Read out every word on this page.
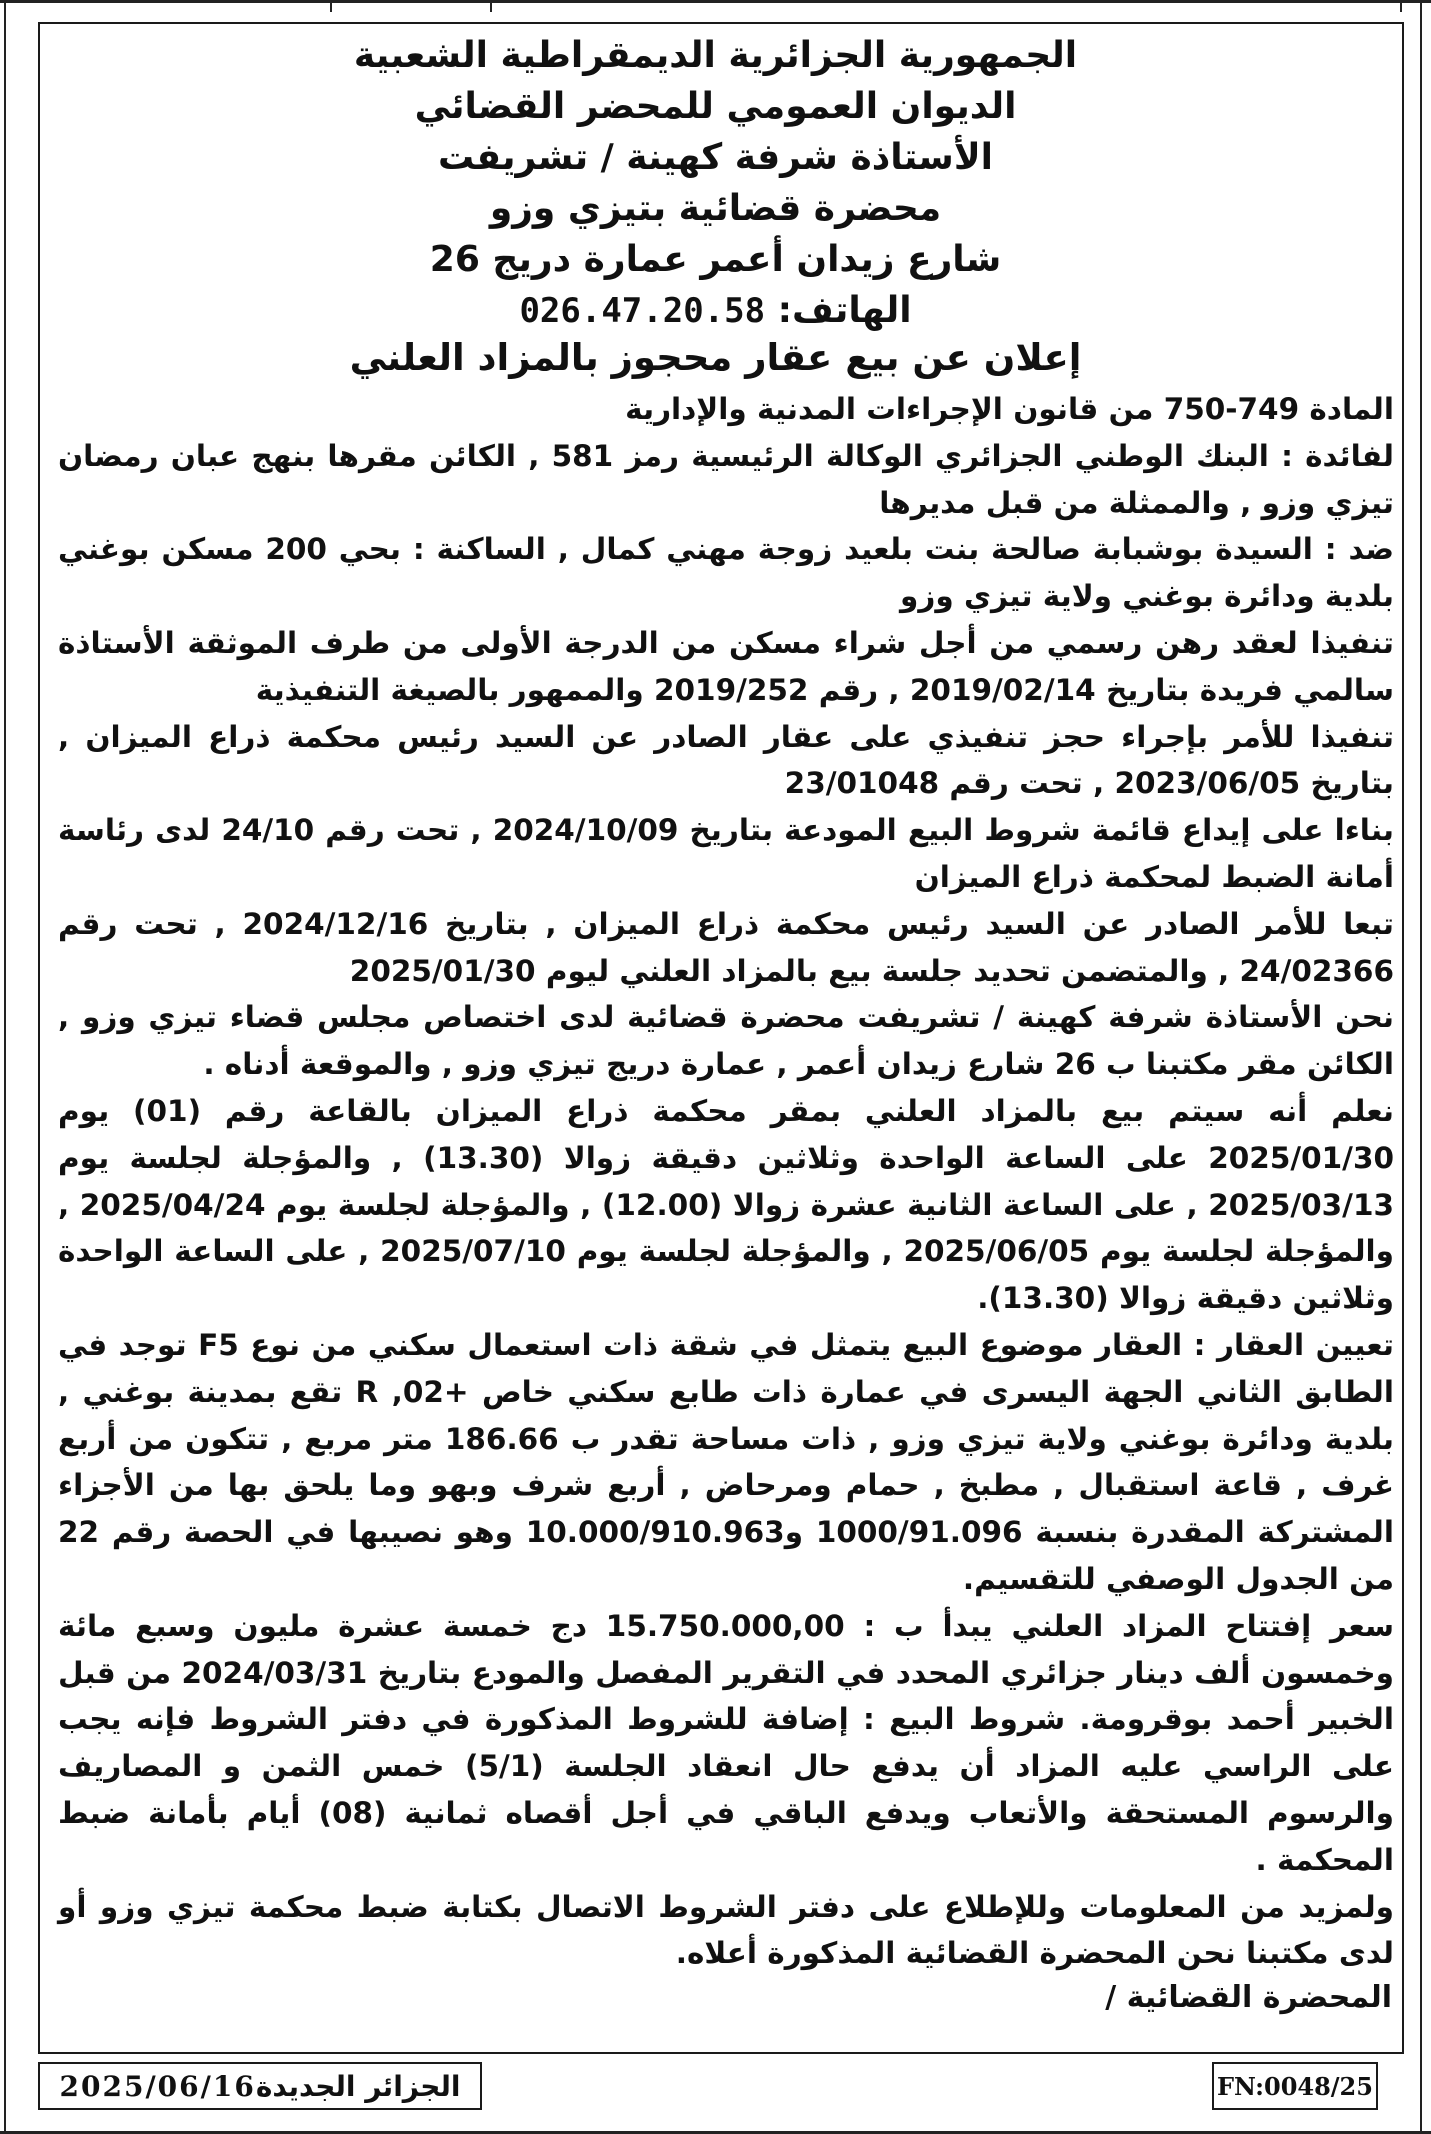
الجمهورية الجزائرية الديمقراطية الشعبية
الديوان العمومي للمحضر القضائي
الأستاذة شرفة كهينة / تشريفت
محضرة قضائية بتيزي وزو
26 شارع زيدان أعمر عمارة دريج
الهاتف: 026.47.20.58
إعلان عن بيع عقار محجوز بالمزاد العلني

المادة 749-750 من قانون الإجراءات المدنية والإدارية

لفائدة : البنك الوطني الجزائري الوكالة الرئيسية رمز 581 , الكائن مقرها بنهج عبان رمضان تيزي وزو , والممثلة من قبل مديرها

ضد : السيدة بوشبابة صالحة بنت بلعيد زوجة مهني كمال , الساكنة : بحي 200 مسكن بوغني بلدية ودائرة بوغني ولاية تيزي وزو

تنفيذا لعقد رهن رسمي من أجل شراء مسكن من الدرجة الأولى من طرف الموثقة الأستاذة سالمي فريدة بتاريخ 2019/02/14 , رقم 2019/252 والممهور بالصيغة التنفيذية

تنفيذا للأمر بإجراء حجز تنفيذي على عقار الصادر عن السيد رئيس محكمة ذراع الميزان , بتاريخ 2023/06/05 , تحت رقم 23/01048

بناءا على إيداع قائمة شروط البيع المودعة بتاريخ 2024/10/09 , تحت رقم 24/10 لدى رئاسة أمانة الضبط لمحكمة ذراع الميزان

تبعا للأمر الصادر عن السيد رئيس محكمة ذراع الميزان , بتاريخ 2024/12/16 , تحت رقم 24/02366 , والمتضمن تحديد جلسة بيع بالمزاد العلني ليوم 2025/01/30

نحن الأستاذة شرفة كهينة / تشريفت محضرة قضائية لدى اختصاص مجلس قضاء تيزي وزو , الكائن مقر مكتبنا ب 26 شارع زيدان أعمر , عمارة دريج تيزي وزو , والموقعة أدناه .

نعلم أنه سيتم بيع بالمزاد العلني بمقر محكمة ذراع الميزان بالقاعة رقم (01) يوم 2025/01/30 على الساعة الواحدة وثلاثين دقيقة زوالا (13.30) , والمؤجلة لجلسة يوم 2025/03/13 , على الساعة الثانية عشرة زوالا (12.00) , والمؤجلة لجلسة يوم 2025/04/24 , والمؤجلة لجلسة يوم 2025/06/05 , والمؤجلة لجلسة يوم 2025/07/10 , على الساعة الواحدة وثلاثين دقيقة زوالا (13.30).

تعيين العقار : العقار موضوع البيع يتمثل في شقة ذات استعمال سكني من نوع F5 توجد في الطابق الثاني الجهة اليسرى في عمارة ذات طابع سكني خاص +02, R تقع بمدينة بوغني , بلدية ودائرة بوغني ولاية تيزي وزو , ذات مساحة تقدر ب 186.66 متر مربع , تتكون من أربع غرف , قاعة استقبال , مطبخ , حمام ومرحاض , أربع شرف وبهو وما يلحق بها من الأجزاء المشتركة المقدرة بنسبة 1000/91.096 و10.000/910.963 وهو نصيبها في الحصة رقم 22 من الجدول الوصفي للتقسيم.

سعر إفتتاح المزاد العلني يبدأ ب : 15.750.000,00 دج خمسة عشرة مليون وسبع مائة وخمسون ألف دينار جزائري المحدد في التقرير المفصل والمودع بتاريخ 2024/03/31 من قبل الخبير أحمد بوقرومة. شروط البيع : إضافة للشروط المذكورة في دفتر الشروط فإنه يجب على الراسي عليه المزاد أن يدفع حال انعقاد الجلسة (5/1) خمس الثمن و المصاريف والرسوم المستحقة والأتعاب ويدفع الباقي في أجل أقصاه ثمانية (08) أيام بأمانة ضبط المحكمة .

ولمزيد من المعلومات وللإطلاع على دفتر الشروط الاتصال بكتابة ضبط محكمة تيزي وزو أو لدى مكتبنا نحن المحضرة القضائية المذكورة أعلاه.

المحضرة القضائية /
الجزائر الجديدة
2025/06/16	FN:0048/25
